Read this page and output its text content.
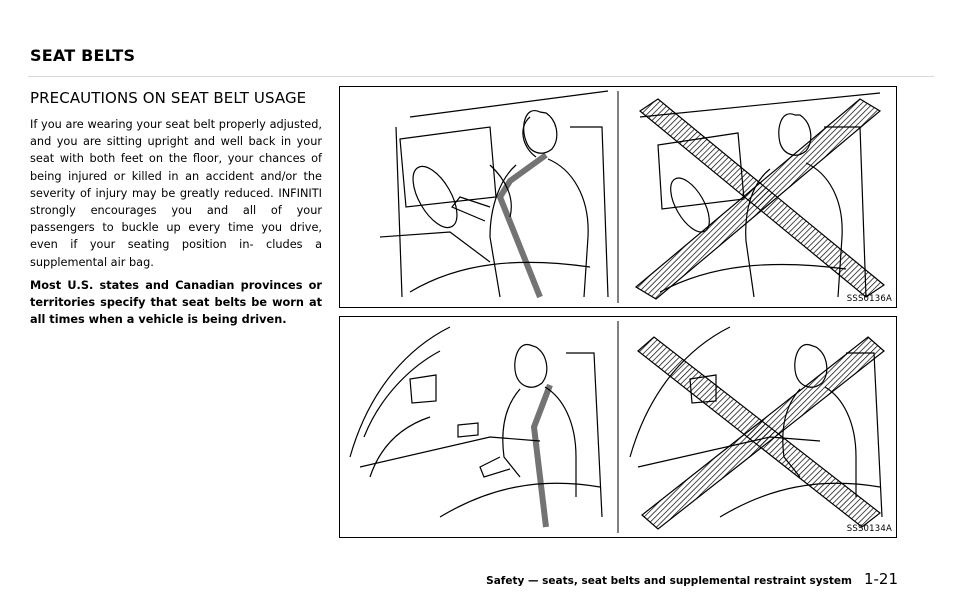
SEAT BELTS
PRECAUTIONS ON SEAT BELT USAGE

If you are wearing your seat belt properly adjusted, and you are sitting upright and well back in your seat with both feet on the floor, your chances of being injured or killed in an accident and/or the severity of injury may be greatly reduced. INFINITI strongly encourages you and all of your passengers to buckle up every time you drive, even if your seating position in- cludes a supplemental air bag.

Most U.S. states and Canadian provinces or territories specify that seat belts be worn at all times when a vehicle is being driven.

SSS0136A
SSS0134A
Safety — seats, seat belts and supplemental restraint system 1-21
